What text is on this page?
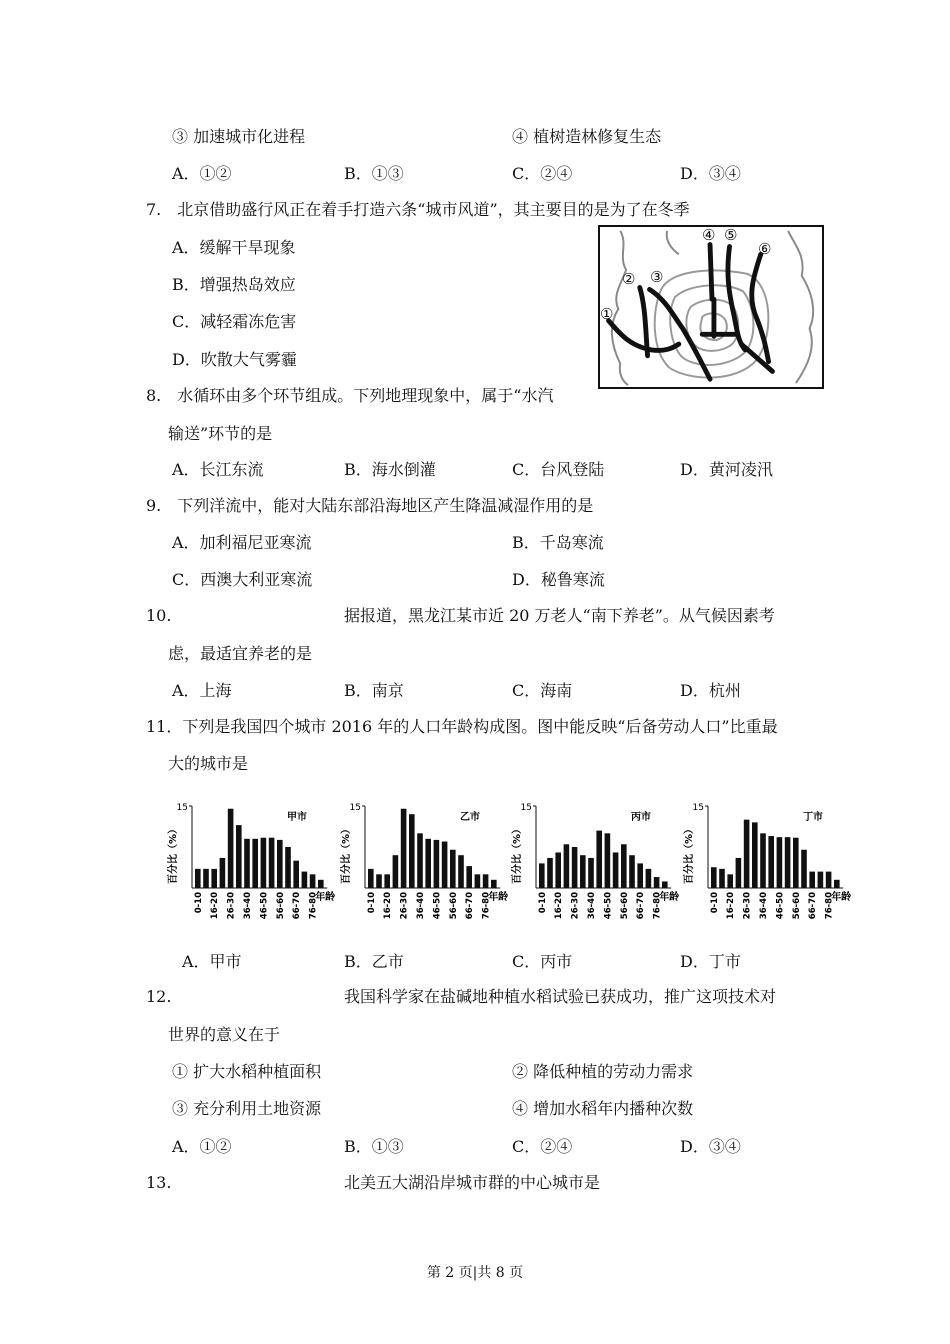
③ 加速城市化进程	④ 植树造林修复生态
A．①②	B．①③	C．②④	D．③④
7.　北京借助盛行风正在着手打造六条“城市风道”，其主要目的是为了在冬季
A．缓解干旱现象
B．增强热岛效应
C．减轻霜冻危害
D．吹散大气雾霾
①
② ③
④ ⑤
⑥
8.　水循环由多个环节组成。下列地理现象中，属于“水汽
输送”环节的是
A．长江东流	B．海水倒灌	C．台风登陆	D．黄河凌汛
9.　下列洋流中，能对大陆东部沿海地区产生降温减湿作用的是
A．加利福尼亚寒流	B．千岛寒流
C．西澳大利亚寒流	D．秘鲁寒流
10.	据报道，黑龙江某市近 20 万老人“南下养老”。从气候因素考
虑，最适宜养老的是
A．上海	B．南京	C．海南	D．杭州
11．下列是我国四个城市 2016 年的人口年龄构成图。图中能反映“后备劳动人口”比重最
大的城市是
15
百分比（%）
0-10 16-20 26-30 36-40 46-50 56-60 66-70 76-80
年龄
甲市
15
百分比（%）
0-10 16-20 26-30 36-40 46-50 56-60 66-70 76-80
年龄
乙市
15
百分比（%）
0-10 16-20 26-30 36-40 46-50 56-60 66-70 76-80
年龄
丙市
15
百分比（%）
0-10 16-20 26-30 36-40 46-50 56-60 66-70 76-80
年龄
丁市
A．甲市	B．乙市	C．丙市	D．丁市
12.	我国科学家在盐碱地种植水稻试验已获成功，推广这项技术对
世界的意义在于
① 扩大水稻种植面积	② 降低种植的劳动力需求
③ 充分利用土地资源	④ 增加水稻年内播种次数
A．①②	B．①③	C．②④	D．③④
13.	北美五大湖沿岸城市群的中心城市是
第 2 页|共 8 页
